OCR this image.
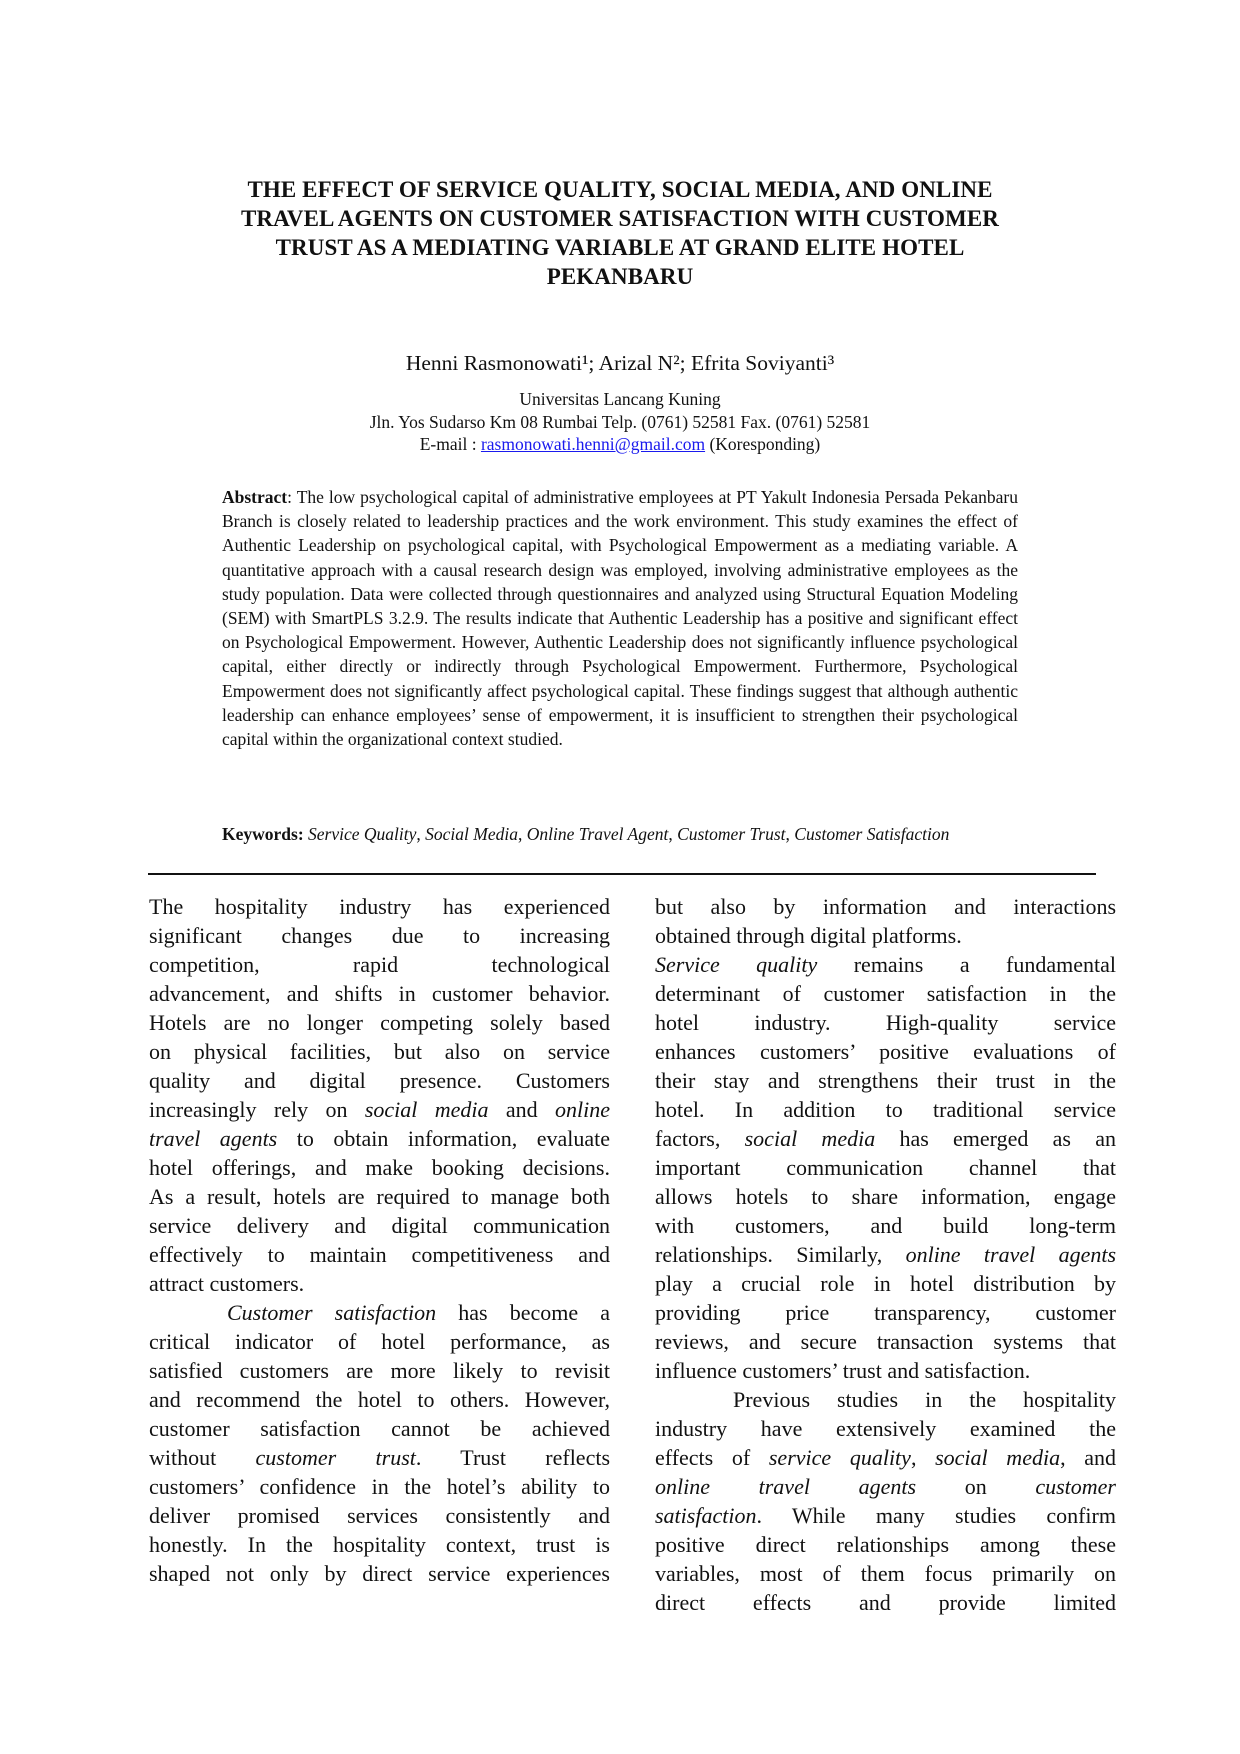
THE EFFECT OF SERVICE QUALITY, SOCIAL MEDIA, AND ONLINE
TRAVEL AGENTS ON CUSTOMER SATISFACTION WITH CUSTOMER
TRUST AS A MEDIATING VARIABLE AT GRAND ELITE HOTEL
PEKANBARU
Henni Rasmonowati¹; Arizal N²; Efrita Soviyanti³
Universitas Lancang Kuning
Jln. Yos Sudarso Km 08 Rumbai Telp. (0761) 52581 Fax. (0761) 52581
E-mail : rasmonowati.henni@gmail.com (Koresponding)
Abstract: The low psychological capital of administrative employees at PT Yakult Indonesia Persada Pekanbaru Branch is closely related to leadership practices and the work environment. This study examines the effect of Authentic Leadership on psychological capital, with Psychological Empowerment as a mediating variable. A quantitative approach with a causal research design was employed, involving administrative employees as the study population. Data were collected through questionnaires and analyzed using Structural Equation Modeling (SEM) with SmartPLS 3.2.9. The results indicate that Authentic Leadership has a positive and significant effect on Psychological Empowerment. However, Authentic Leadership does not significantly influence psychological capital, either directly or indirectly through Psychological Empowerment. Furthermore, Psychological Empowerment does not significantly affect psychological capital. These findings suggest that although authentic leadership can enhance employees’ sense of empowerment, it is insufficient to strengthen their psychological capital within the organizational context studied.
Keywords: Service Quality, Social Media, Online Travel Agent, Customer Trust, Customer Satisfaction
The hospitality industry has experienced
significant changes due to increasing
competition, rapid technological
advancement, and shifts in customer behavior.
Hotels are no longer competing solely based
on physical facilities, but also on service
quality and digital presence. Customers
increasingly rely on social media and online
travel agents to obtain information, evaluate
hotel offerings, and make booking decisions.
As a result, hotels are required to manage both
service delivery and digital communication
effectively to maintain competitiveness and
attract customers.
Customer satisfaction has become a
critical indicator of hotel performance, as
satisfied customers are more likely to revisit
and recommend the hotel to others. However,
customer satisfaction cannot be achieved
without customer trust. Trust reflects
customers’ confidence in the hotel’s ability to
deliver promised services consistently and
honestly. In the hospitality context, trust is
shaped not only by direct service experiences
but also by information and interactions
obtained through digital platforms.
Service quality remains a fundamental
determinant of customer satisfaction in the
hotel industry. High-quality service
enhances customers’ positive evaluations of
their stay and strengthens their trust in the
hotel. In addition to traditional service
factors, social media has emerged as an
important communication channel that
allows hotels to share information, engage
with customers, and build long-term
relationships. Similarly, online travel agents
play a crucial role in hotel distribution by
providing price transparency, customer
reviews, and secure transaction systems that
influence customers’ trust and satisfaction.
Previous studies in the hospitality
industry have extensively examined the
effects of service quality, social media, and
online travel agents on customer
satisfaction. While many studies confirm
positive direct relationships among these
variables, most of them focus primarily on
direct effects and provide limited
